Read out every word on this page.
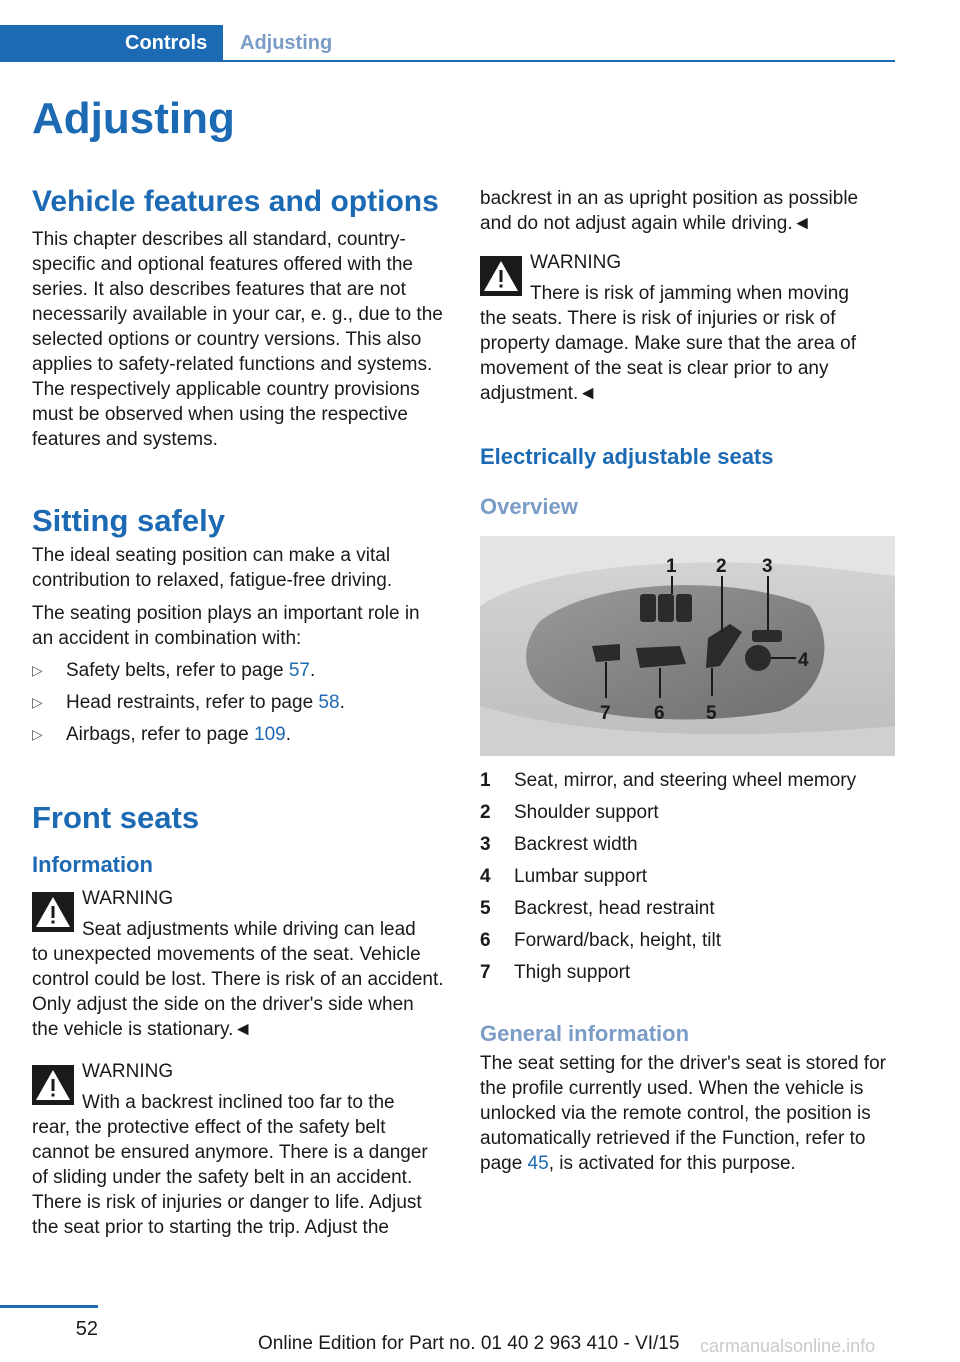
Controls	Adjusting
Adjusting
Vehicle features and options

This chapter describes all standard, country-specific and optional features offered with the series. It also describes features that are not necessarily available in your car, e. g., due to the selected options or country versions. This also applies to safety-related functions and systems. The respectively applicable country provisions must be observed when using the respective features and systems.

Sitting safely

The ideal seating position can make a vital contribution to relaxed, fatigue-free driving.

The seating position plays an important role in an accident in combination with:

▷ Safety belts, refer to page 57.
▷ Head restraints, refer to page 58.
▷ Airbags, refer to page 109.
Front seats
Information
WARNING
Seat adjustments while driving can lead

to unexpected movements of the seat. Vehicle control could be lost. There is risk of an accident. Only adjust the side on the driver's side when the vehicle is stationary.◄

WARNING
With a backrest inclined too far to the

rear, the protective effect of the safety belt cannot be ensured anymore. There is a danger of sliding under the safety belt in an accident. There is risk of injuries or danger to life. Adjust the seat prior to starting the trip. Adjust the

backrest in an as upright position as possible and do not adjust again while driving.◄

WARNING
There is risk of jamming when moving

the seats. There is risk of injuries or risk of property damage. Make sure that the area of movement of the seat is clear prior to any adjustment.◄

Electrically adjustable seats
Overview
1 2 3
4
5
6
7
1 Seat, mirror, and steering wheel memory
2 Shoulder support
3 Backrest width
4 Lumbar support
5 Backrest, head restraint
6 Forward/back, height, tilt
7 Thigh support
General information

The seat setting for the driver's seat is stored for the profile currently used. When the vehicle is unlocked via the remote control, the position is automatically retrieved if the Function, refer to page 45, is activated for this purpose.

52
Online Edition for Part no. 01 40 2 963 410 - VI/15 carmanualsonline.info
